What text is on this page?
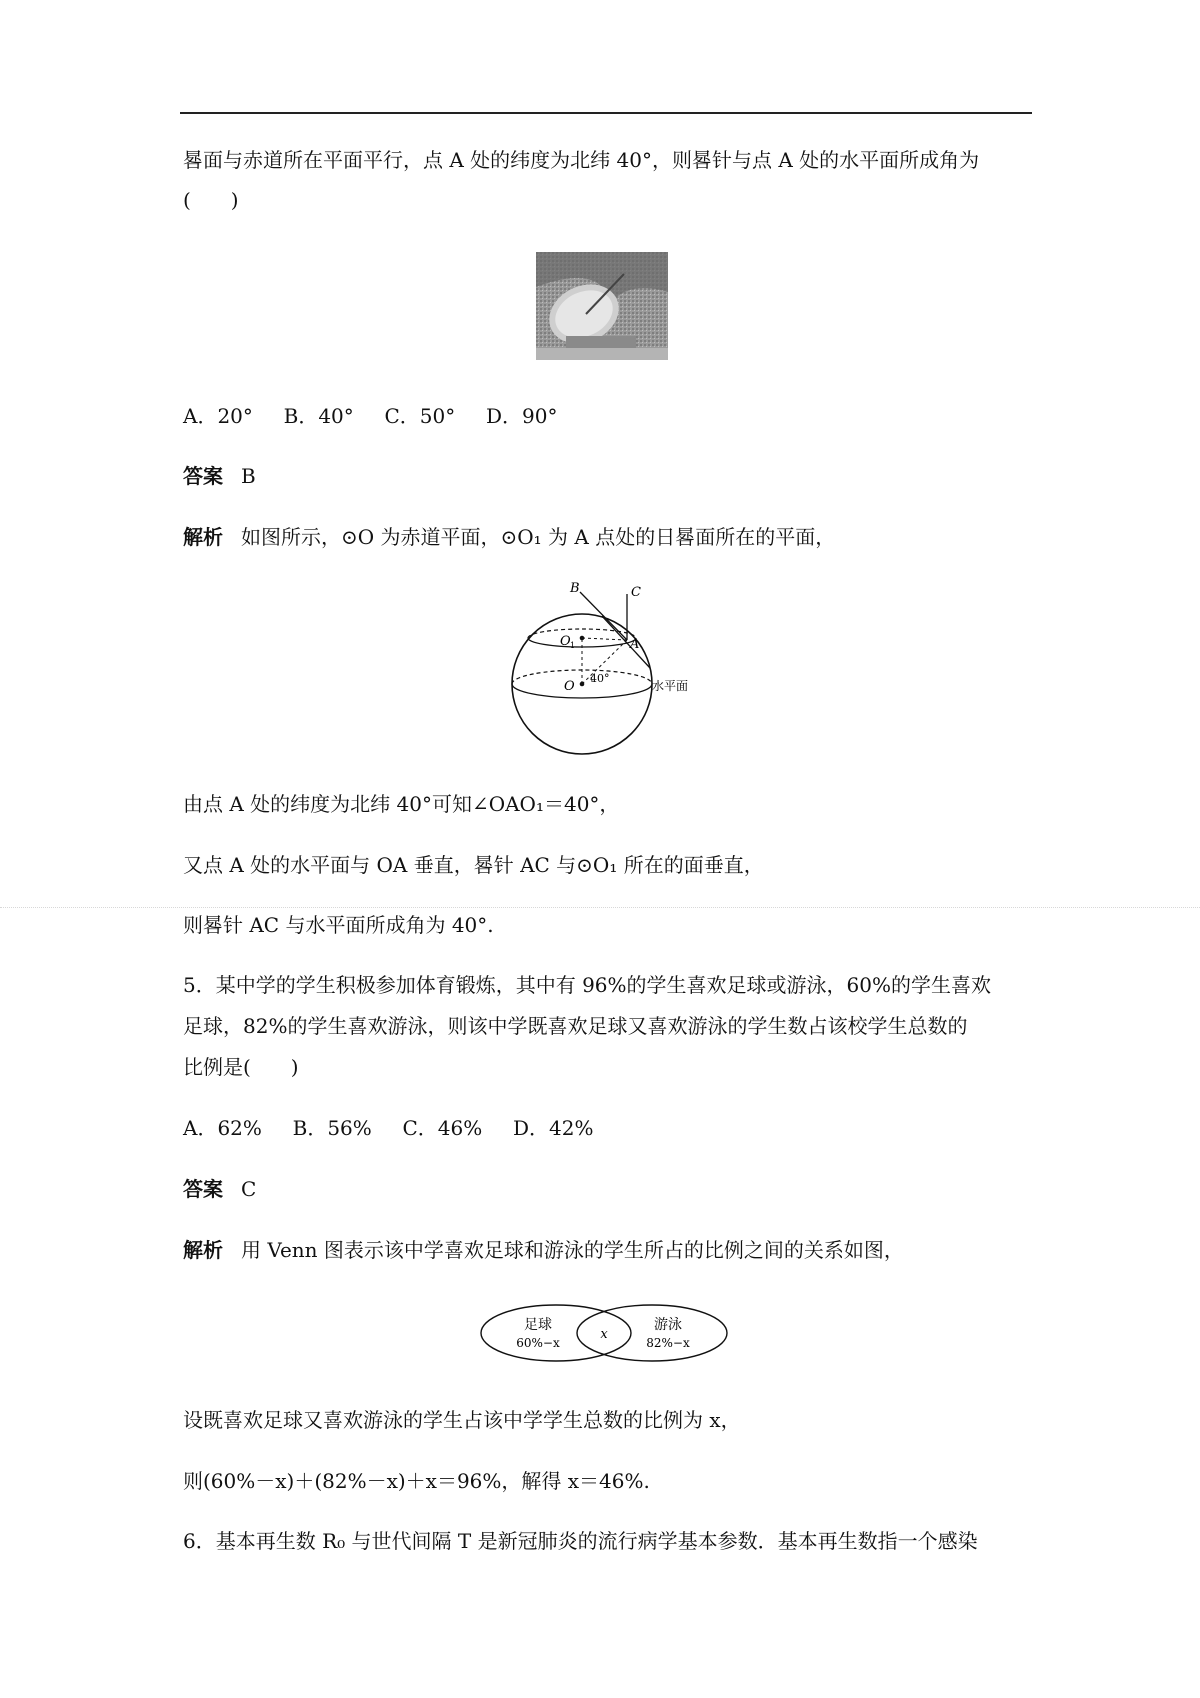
晷面与赤道所在平面平行，点 A 处的纬度为北纬 40°，则晷针与点 A 处的水平面所成角为
(　　)
A．20° B．40° C．50° D．90°
答案 B
解析 如图所示，⊙O 为赤道平面，⊙O₁ 为 A 点处的日晷面所在的平面，
B	C
A
O 1
O
40°
水平面
由点 A 处的纬度为北纬 40°可知∠OAO₁＝40°，
又点 A 处的水平面与 OA 垂直，晷针 AC 与⊙O₁ 所在的面垂直，
则晷针 AC 与水平面所成角为 40°.
5．某中学的学生积极参加体育锻炼，其中有 96%的学生喜欢足球或游泳，60%的学生喜欢
足球，82%的学生喜欢游泳，则该中学既喜欢足球又喜欢游泳的学生数占该校学生总数的
比例是(　　)
A．62% B．56% C．46% D．42%
答案 C
解析 用 Venn 图表示该中学喜欢足球和游泳的学生所占的比例之间的关系如图，
足球
60%−x
x
游泳
82%−x
设既喜欢足球又喜欢游泳的学生占该中学学生总数的比例为 x，
则(60%－x)＋(82%－x)＋x＝96%，解得 x＝46%.
6．基本再生数 R₀ 与世代间隔 T 是新冠肺炎的流行病学基本参数．基本再生数指一个感染
